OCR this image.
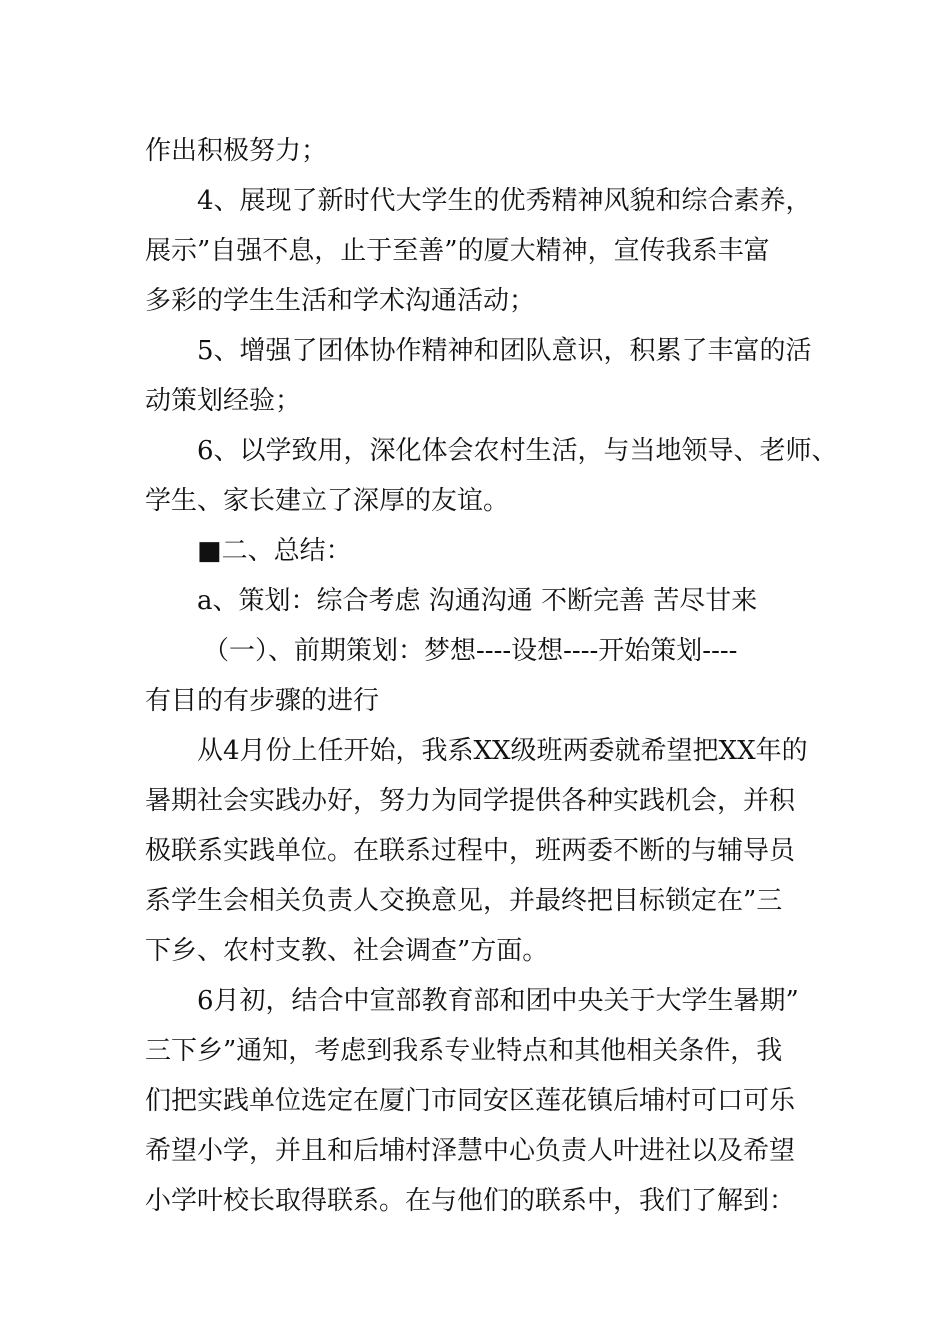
作出积极努力；
4、展现了新时代大学生的优秀精神风貌和综合素养，
展示”自强不息，止于至善”的厦大精神，宣传我系丰富
多彩的学生生活和学术沟通活动；
5、增强了团体协作精神和团队意识，积累了丰富的活
动策划经验；
6、以学致用，深化体会农村生活，与当地领导、老师、
学生、家长建立了深厚的友谊。
■二、总结：
a、策划：综合考虑 沟通沟通 不断完善 苦尽甘来
（一）、前期策划：梦想----设想----开始策划----
有目的有步骤的进行
从4月份上任开始，我系XX级班两委就希望把XX年的
暑期社会实践办好，努力为同学提供各种实践机会，并积
极联系实践单位。在联系过程中，班两委不断的与辅导员
系学生会相关负责人交换意见，并最终把目标锁定在”三
下乡、农村支教、社会调查”方面。
6月初，结合中宣部教育部和团中央关于大学生暑期”
三下乡”通知，考虑到我系专业特点和其他相关条件，我
们把实践单位选定在厦门市同安区莲花镇后埔村可口可乐
希望小学，并且和后埔村泽慧中心负责人叶进社以及希望
小学叶校长取得联系。在与他们的联系中，我们了解到：
